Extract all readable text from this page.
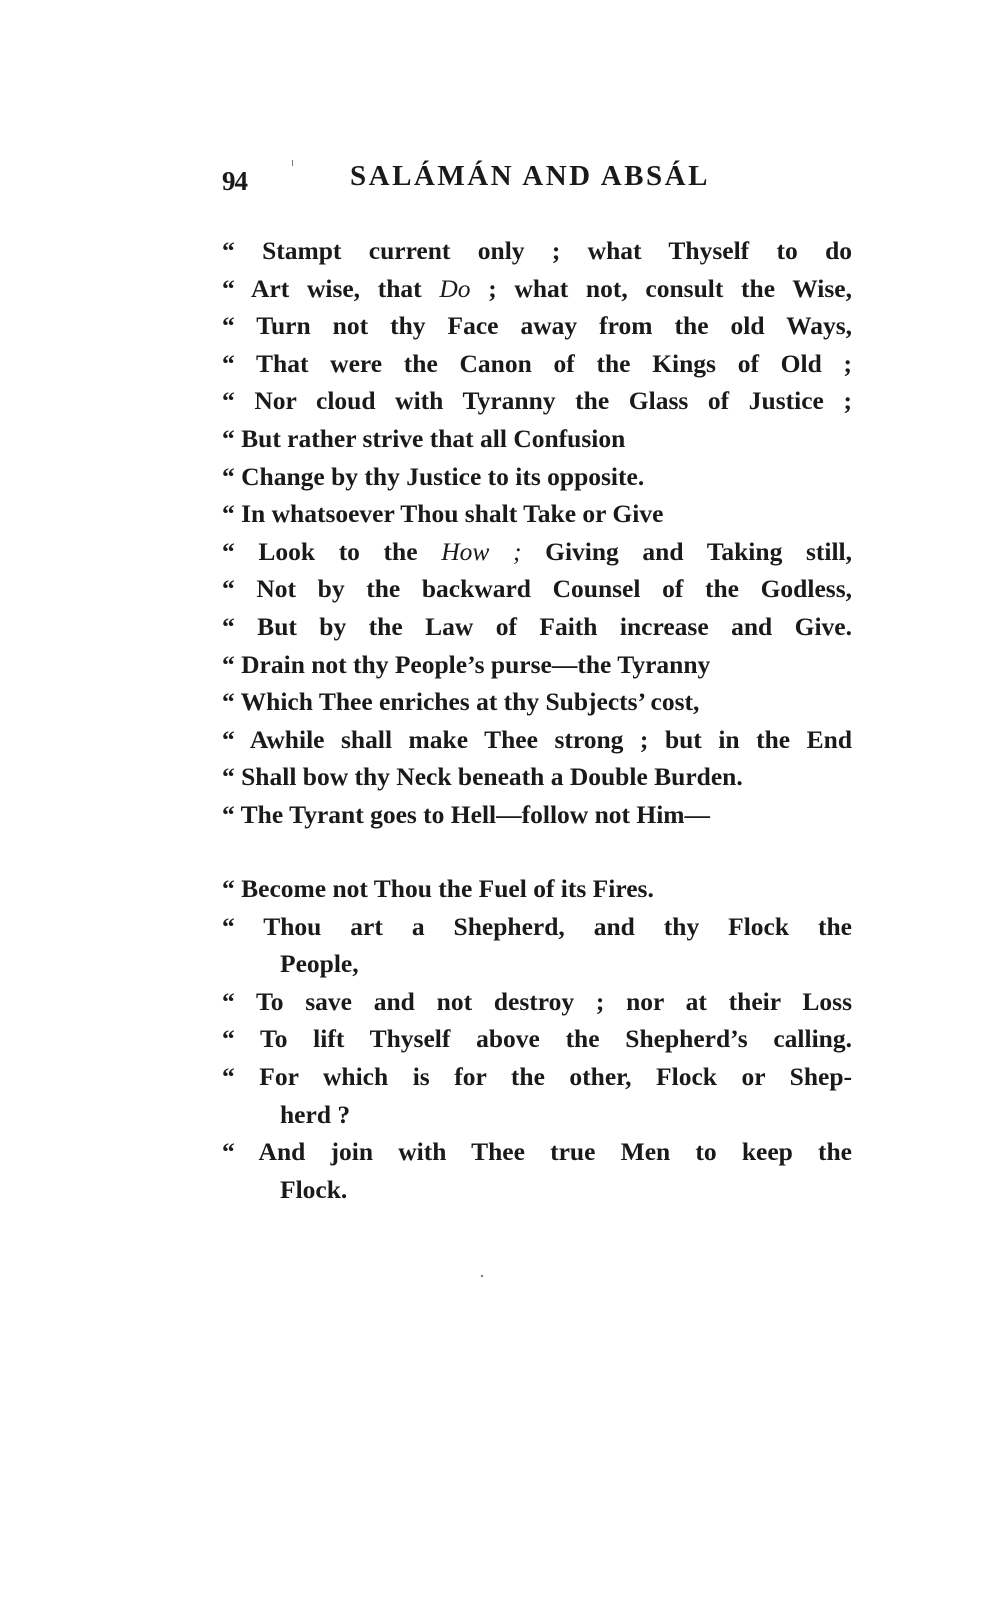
94	SALÁMÁN AND ABSÁL
“ Stampt current only ; what Thyself to do
“ Art wise, that Do ; what not, consult the Wise,
“ Turn not thy Face away from the old Ways,
“ That were the Canon of the Kings of Old ;
“ Nor cloud with Tyranny the Glass of Justice ;
“ But rather strive that all Confusion
“ Change by thy Justice to its opposite.
“ In whatsoever Thou shalt Take or Give
“ Look to the How ; Giving and Taking still,
“ Not by the backward Counsel of the Godless,
“ But by the Law of Faith increase and Give.
“ Drain not thy People’s purse—the Tyranny
“ Which Thee enriches at thy Subjects’ cost,
“ Awhile shall make Thee strong ; but in the End
“ Shall bow thy Neck beneath a Double Burden.
“ The Tyrant goes to Hell—follow not Him—
“ Become not Thou the Fuel of its Fires.
“ Thou art a Shepherd, and thy Flock the
People,
“ To save and not destroy ; nor at their Loss
“ To lift Thyself above the Shepherd’s calling.
“ For which is for the other, Flock or Shep-
herd ?
“ And join with Thee true Men to keep the
Flock.
